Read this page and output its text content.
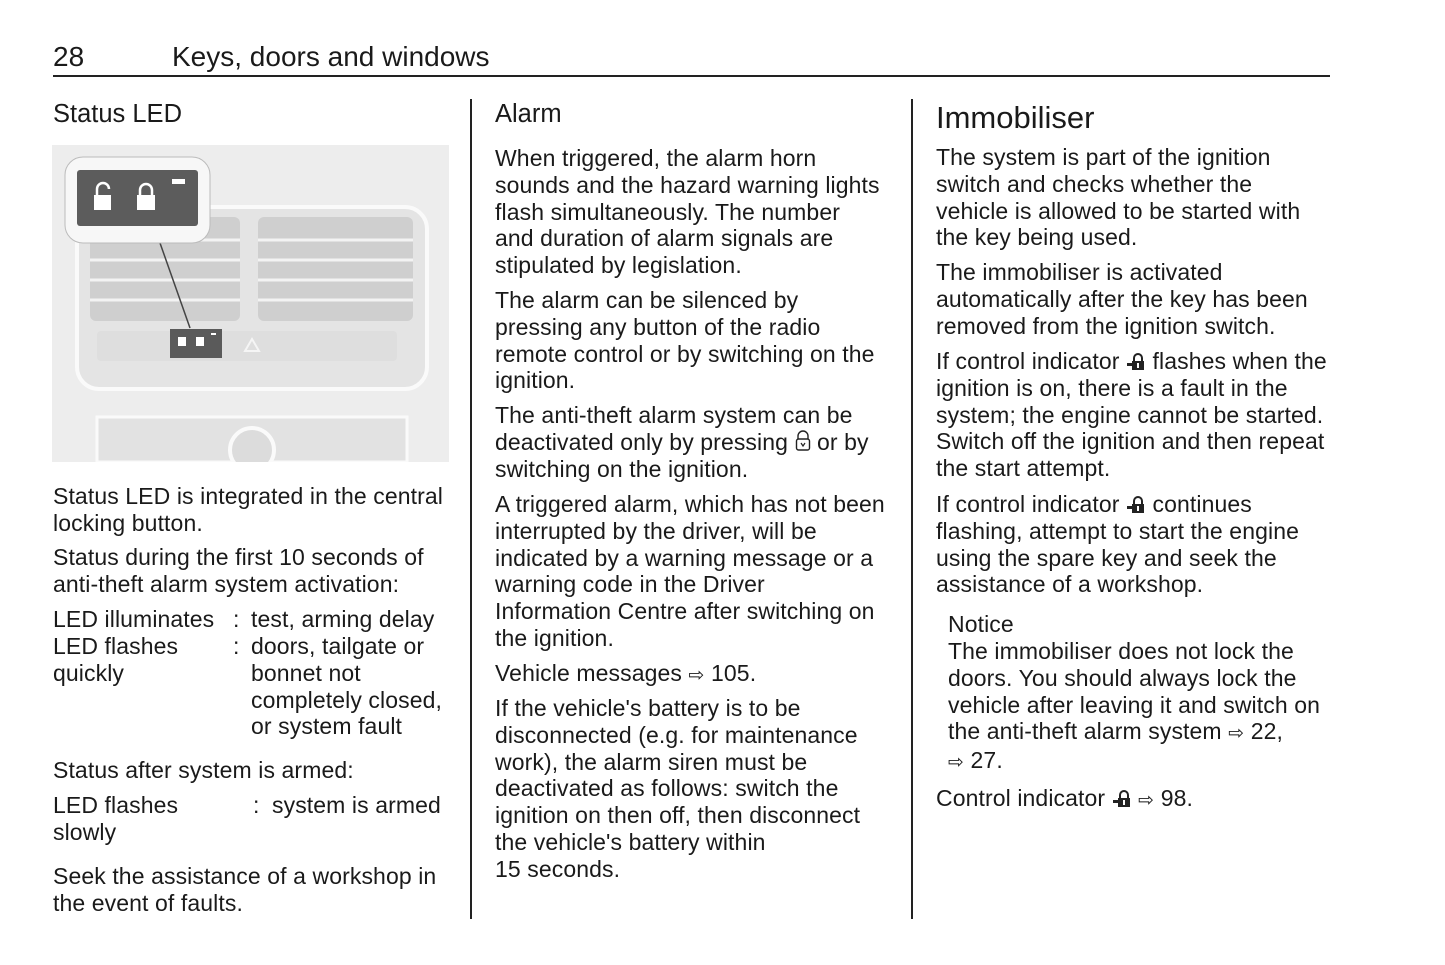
28	Keys, doors and windows
Status LED
Status LED is integrated in the central
locking button.
Status during the first 10 seconds of
anti-theft alarm system activation:
LED illuminates : test, arming delay
LED flashes
quickly
: doors, tailgate or
bonnet not
completely closed,
or system fault
Status after system is armed:
LED flashes
slowly
: system is armed
Seek the assistance of a workshop in
the event of faults.
Alarm
When triggered, the alarm horn
sounds and the hazard warning lights
flash simultaneously. The number
and duration of alarm signals are
stipulated by legislation.
The alarm can be silenced by
pressing any button of the radio
remote control or by switching on the
ignition.
The anti-theft alarm system can be
deactivated only by pressing  or by
switching on the ignition.
A triggered alarm, which has not been
interrupted by the driver, will be
indicated by a warning message or a
warning code in the Driver
Information Centre after switching on
the ignition.
Vehicle messages ⇨ 105.
If the vehicle's battery is to be
disconnected (e.g. for maintenance
work), the alarm siren must be
deactivated as follows: switch the
ignition on then off, then disconnect
the vehicle's battery within
15 seconds.
Immobiliser
The system is part of the ignition
switch and checks whether the
vehicle is allowed to be started with
the key being used.
The immobiliser is activated
automatically after the key has been
removed from the ignition switch.
If control indicator  flashes when the
ignition is on, there is a fault in the
system; the engine cannot be started.
Switch off the ignition and then repeat
the start attempt.
If control indicator  continues
flashing, attempt to start the engine
using the spare key and seek the
assistance of a workshop.
Notice
The immobiliser does not lock the
doors. You should always lock the
vehicle after leaving it and switch on
the anti-theft alarm system ⇨ 22,
⇨ 27.
Control indicator  ⇨ 98.
